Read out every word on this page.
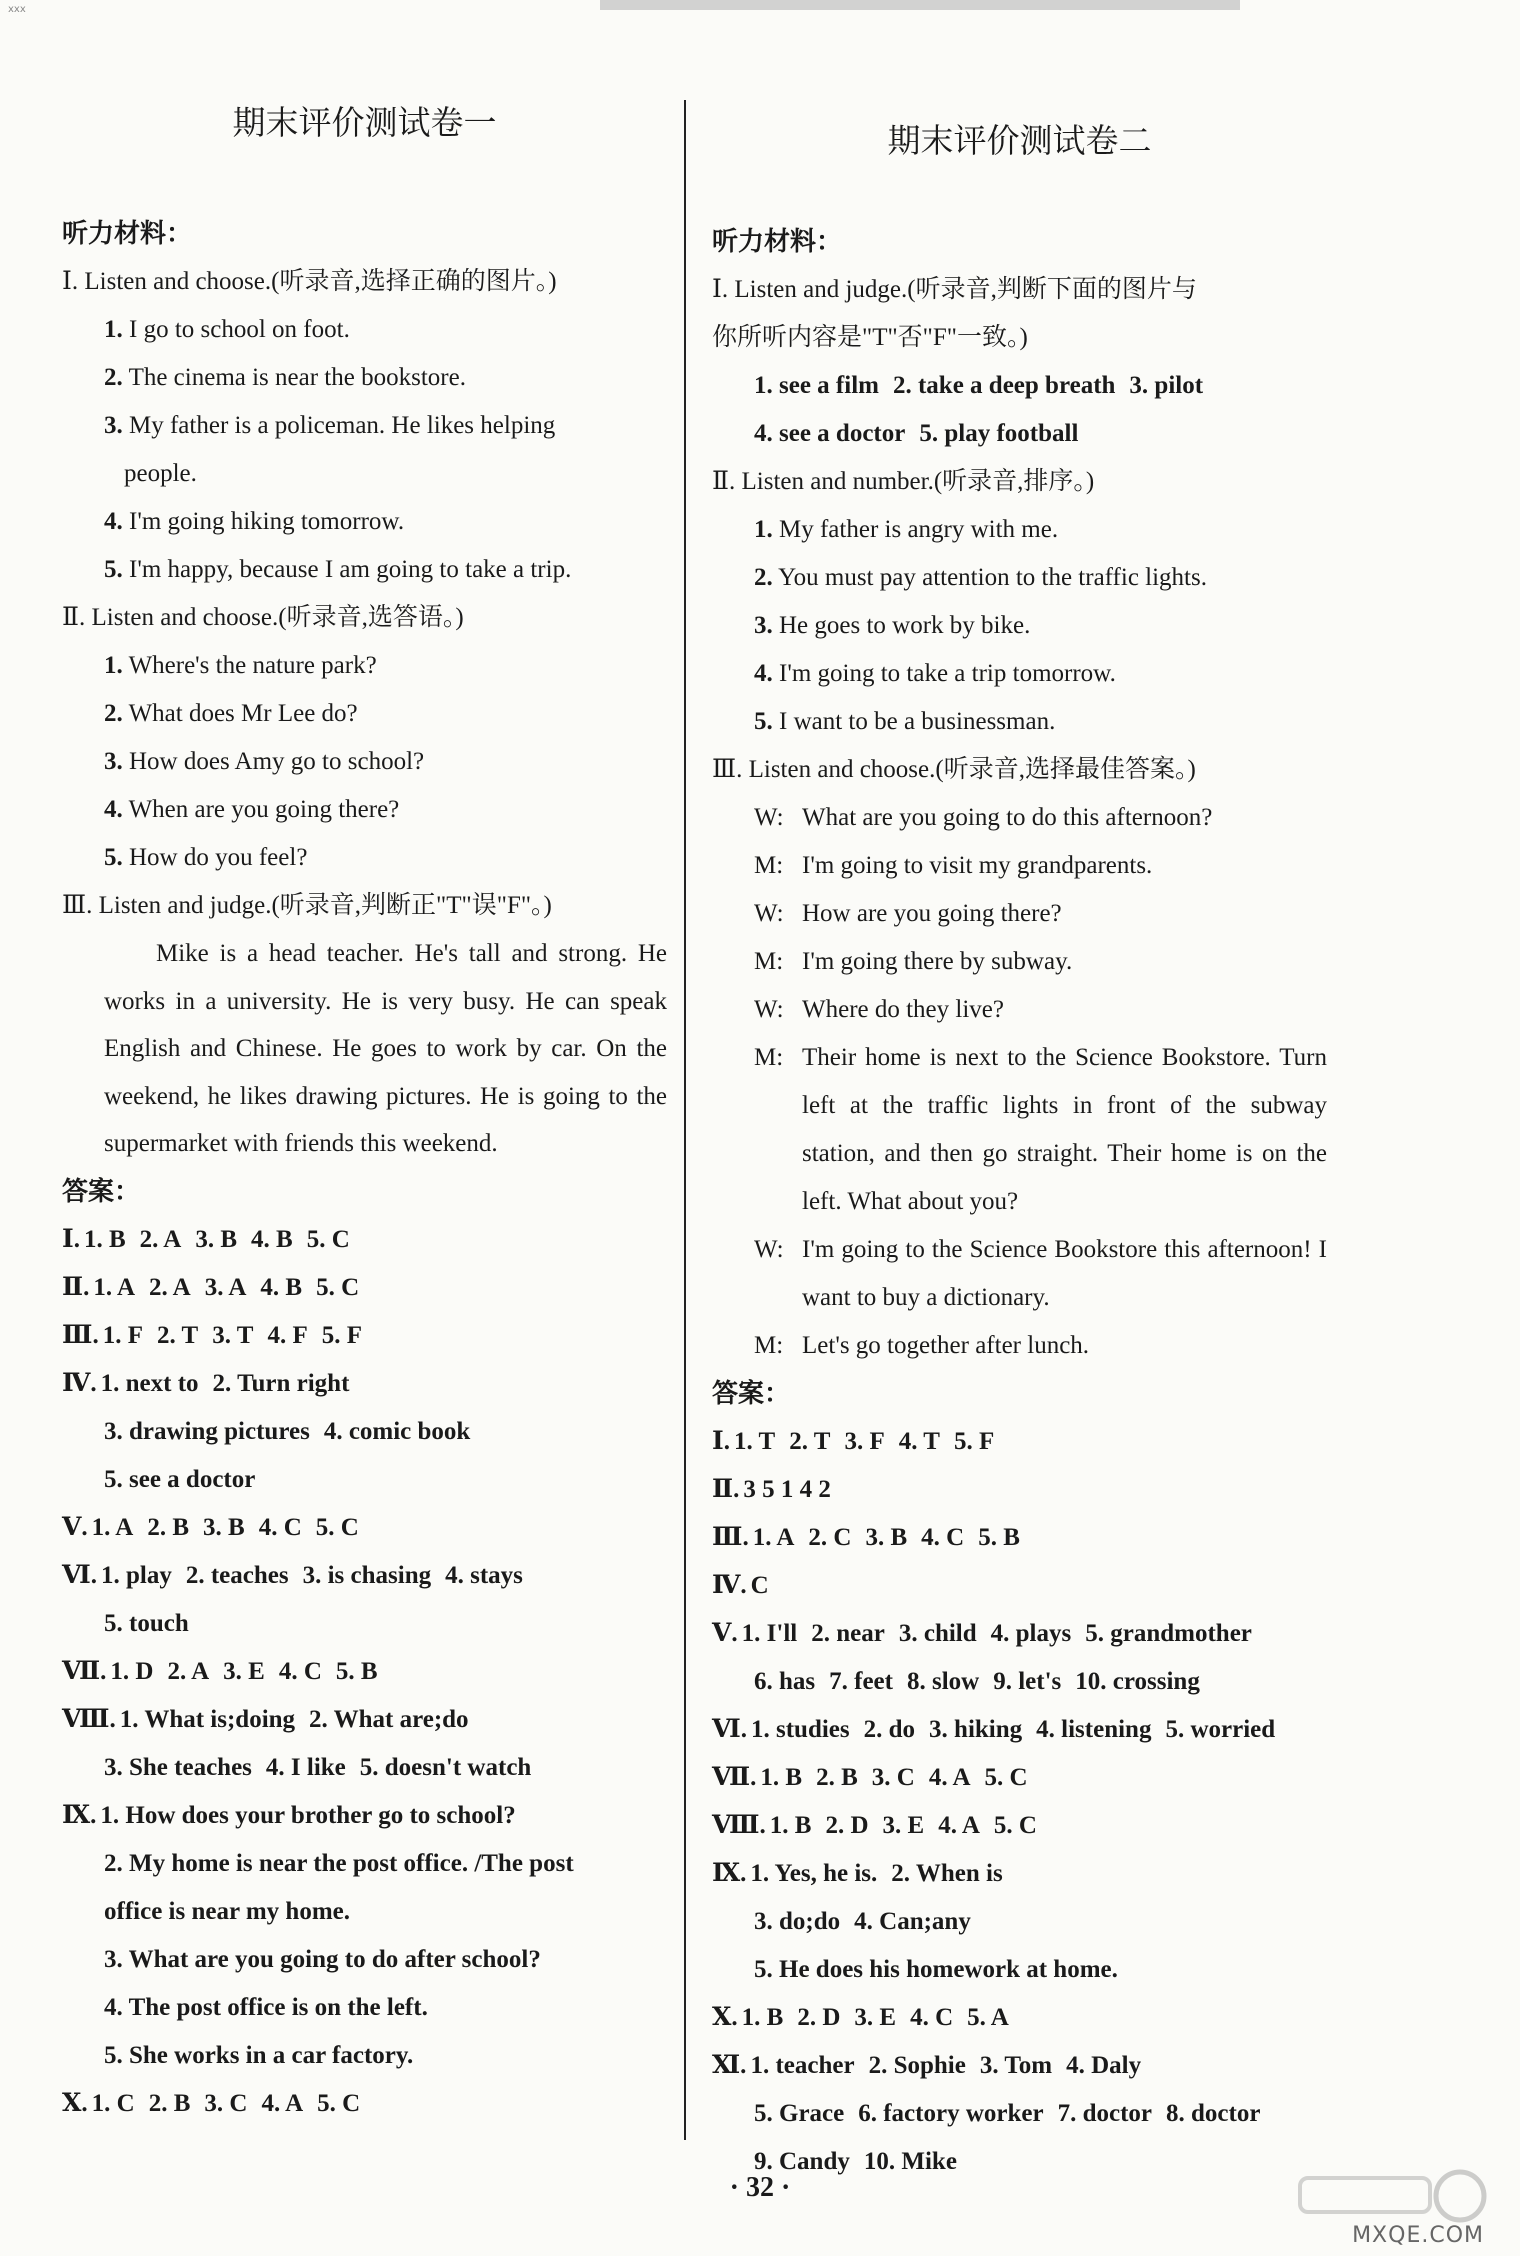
xxx
期末评价测试卷一
听力材料：
Ⅰ. Listen and choose.(听录音,选择正确的图片。)
1. I go to school on foot.
2. The cinema is near the bookstore.
3. My father is a policeman. He likes helping
people.
4. I'm going hiking tomorrow.
5. I'm happy, because I am going to take a trip.
Ⅱ. Listen and choose.(听录音,选答语。)
1. Where's the nature park?
2. What does Mr Lee do?
3. How does Amy go to school?
4. When are you going there?
5. How do you feel?
Ⅲ. Listen and judge.(听录音,判断正"T"误"F"。)
Mike is a head teacher. He's tall and strong. He works in a university. He is very busy. He can speak English and Chinese. He goes to work by car. On the weekend, he likes drawing pictures. He is going to the supermarket with friends this weekend.
答案：
Ⅰ. 1. B 2. A 3. B 4. B 5. C
Ⅱ. 1. A 2. A 3. A 4. B 5. C
Ⅲ. 1. F 2. T 3. T 4. F 5. F
Ⅳ. 1. next to 2. Turn right
3. drawing pictures 4. comic book
5. see a doctor
Ⅴ. 1. A 2. B 3. B 4. C 5. C
Ⅵ. 1. play 2. teaches 3. is chasing 4. stays
5. touch
Ⅶ. 1. D 2. A 3. E 4. C 5. B
Ⅷ. 1. What is;doing 2. What are;do
3. She teaches 4. I like 5. doesn't watch
Ⅸ. 1. How does your brother go to school?
2. My home is near the post office. /The post
office is near my home.
3. What are you going to do after school?
4. The post office is on the left.
5. She works in a car factory.
Ⅹ. 1. C 2. B 3. C 4. A 5. C
期末评价测试卷二
听力材料：
Ⅰ. Listen and judge.(听录音,判断下面的图片与
你所听内容是"T"否"F"一致。)
1. see a film 2. take a deep breath 3. pilot
4. see a doctor 5. play football
Ⅱ. Listen and number.(听录音,排序。)
1. My father is angry with me.
2. You must pay attention to the traffic lights.
3. He goes to work by bike.
4. I'm going to take a trip tomorrow.
5. I want to be a businessman.
Ⅲ. Listen and choose.(听录音,选择最佳答案。)
W: What are you going to do this afternoon?
M: I'm going to visit my grandparents.
W: How are you going there?
M: I'm going there by subway.
W: Where do they live?
M: Their home is next to the Science Bookstore. Turn left at the traffic lights in front of the subway station, and then go straight. Their home is on the left. What about you?
W: I'm going to the Science Bookstore this afternoon! I want to buy a dictionary.
M: Let's go together after lunch.
答案：
Ⅰ. 1. T 2. T 3. F 4. T 5. F
Ⅱ. 3 5 1 4 2
Ⅲ. 1. A 2. C 3. B 4. C 5. B
Ⅳ. C
Ⅴ. 1. I'll 2. near 3. child 4. plays 5. grandmother
6. has 7. feet 8. slow 9. let's 10. crossing
Ⅵ. 1. studies 2. do 3. hiking 4. listening 5. worried
Ⅶ. 1. B 2. B 3. C 4. A 5. C
Ⅷ. 1. B 2. D 3. E 4. A 5. C
Ⅸ. 1. Yes, he is. 2. When is
3. do;do 4. Can;any
5. He does his homework at home.
Ⅹ. 1. B 2. D 3. E 4. C 5. A
Ⅺ. 1. teacher 2. Sophie 3. Tom 4. Daly
5. Grace 6. factory worker 7. doctor 8. doctor
9. Candy 10. Mike
· 32 ·
MXQE.COM
